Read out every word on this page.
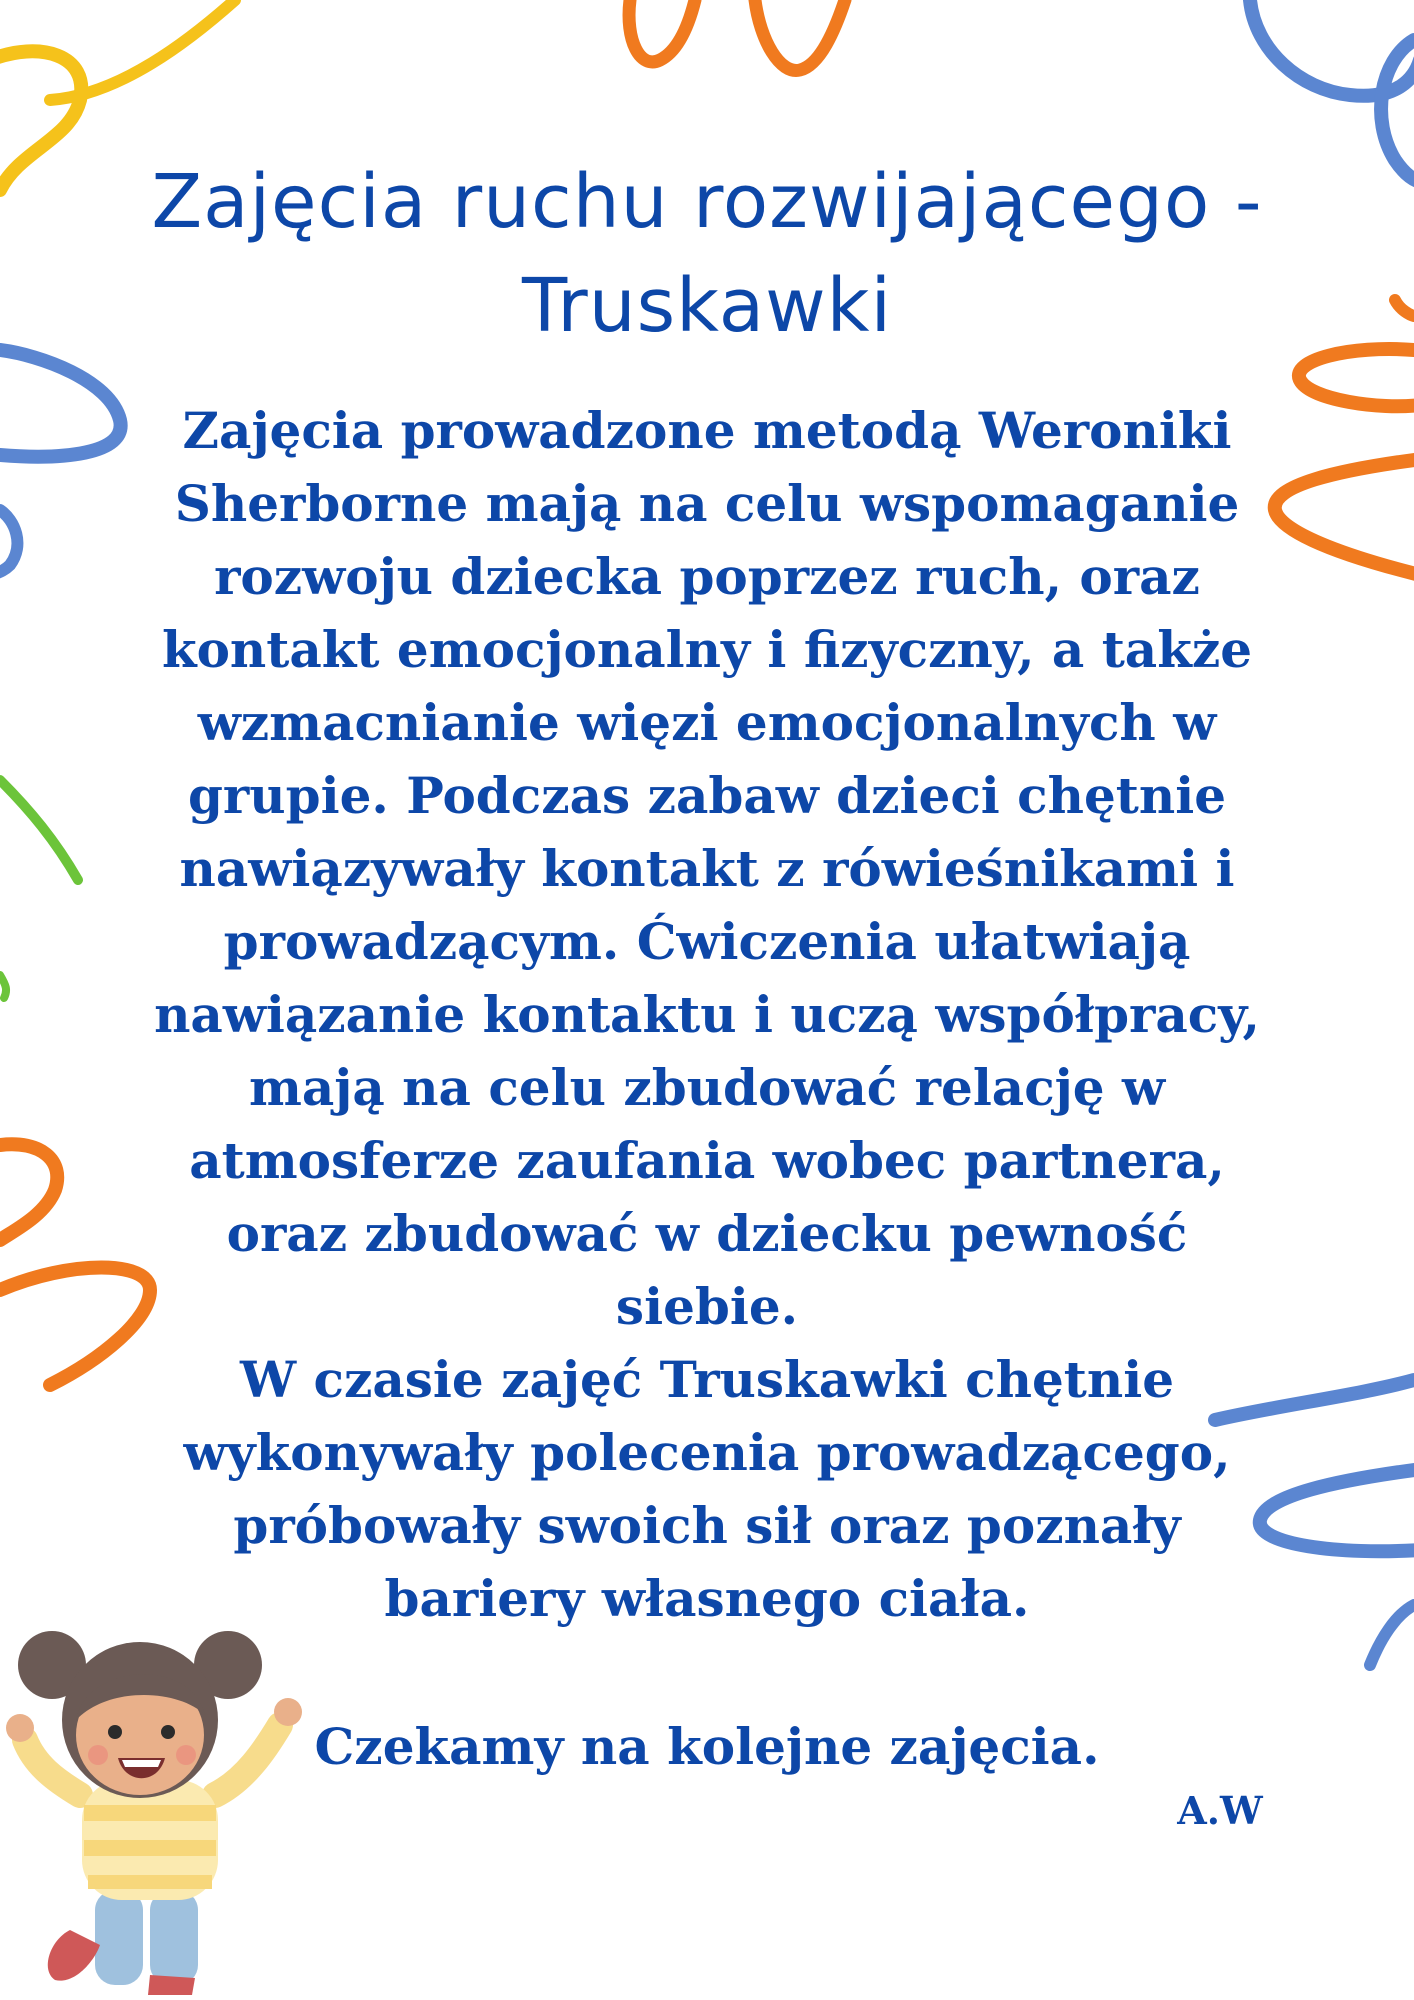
Zajęcia ruchu rozwijającego -
Truskawki
Zajęcia prowadzone metodą Weroniki
Sherborne mają na celu wspomaganie
rozwoju dziecka poprzez ruch, oraz
kontakt emocjonalny i fizyczny, a także
wzmacnianie więzi emocjonalnych w
grupie. Podczas zabaw dzieci chętnie
nawiązywały kontakt z rówieśnikami i
prowadzącym. Ćwiczenia ułatwiają
nawiązanie kontaktu i uczą współpracy,
mają na celu zbudować relację w
atmosferze zaufania wobec partnera,
oraz zbudować w dziecku pewność
siebie.
W czasie zajęć Truskawki chętnie
wykonywały polecenia prowadzącego,
próbowały swoich sił oraz poznały
bariery własnego ciała.
Czekamy na kolejne zajęcia.
A.W
